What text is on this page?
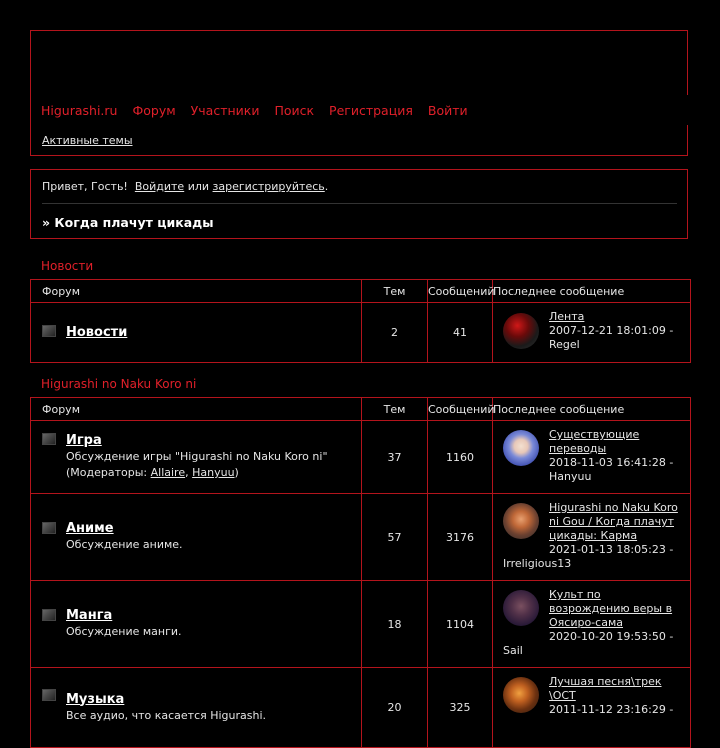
Higurashi.ru Форум Участники Поиск Регистрация Войти
Активные темы
Привет, Гость! Войдите или зарегистрируйтесь.
» Когда плачут цикады
Новости
Форум	Тем	Сообщений	Последнее сообщение

Новости	2	41	Лента
2007-12-21 18:01:09 -
Regel
Higurashi no Naku Koro ni
Форум	Тем	Сообщений	Последнее сообщение

Игра
Обсуждение игры "Higurashi no Naku Koro ni"
(Модераторы: Allaire, Hanyuu)	37	1160	Существующие переводы
2018-11-03 16:41:28 -
Hanyuu

Аниме
Обсуждение аниме.	57	3176	Higurashi no Naku Koro ni Gou / Когда плачут цикады: Карма
2021-01-13 18:05:23 -
Irreligious13

Манга
Обсуждение манги.	18	1104	Культ по возрождению веры в Оясиро-сама
2020-10-20 19:53:50 -
Sail

Музыка
Все аудио, что касается Higurashi.	20	325	Лучшая песня\трек \ОСТ
2011-11-12 23:16:29 -
